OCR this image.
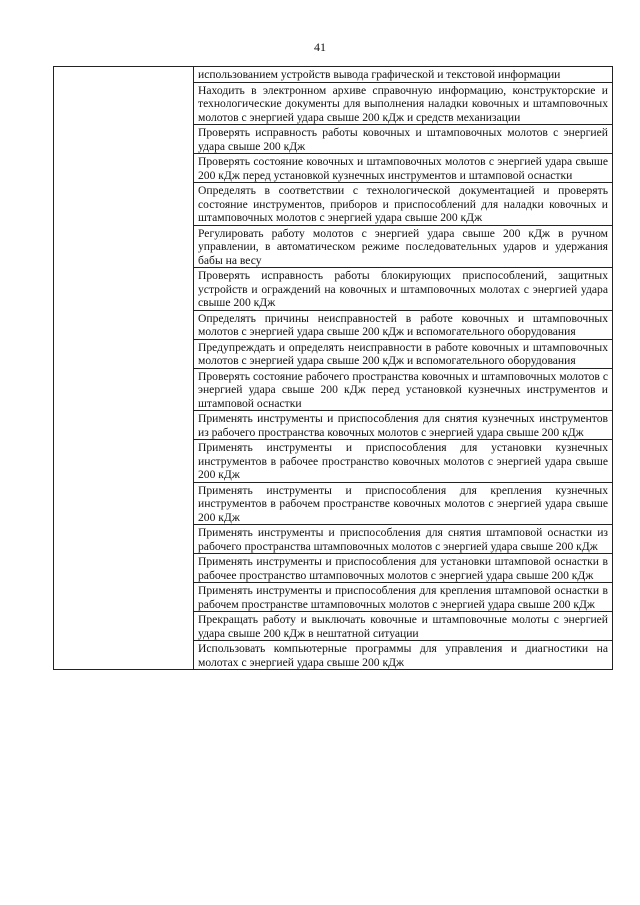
41

использованием устройств вывода графической и текстовой информации

Находить в электронном архиве справочную информацию, конструкторские и технологические документы для выполнения наладки ковочных и штамповочных молотов с энергией удара свыше 200 кДж и средств механизации

Проверять исправность работы ковочных и штамповочных молотов с энергией удара свыше 200 кДж

Проверять состояние ковочных и штамповочных молотов с энергией удара свыше 200 кДж перед установкой кузнечных инструментов и штамповой оснастки

Определять в соответствии с технологической документацией и проверять состояние инструментов, приборов и приспособлений для наладки ковочных и штамповочных молотов с энергией удара свыше 200 кДж

Регулировать работу молотов с энергией удара свыше 200 кДж в ручном управлении, в автоматическом режиме последовательных ударов и удержания бабы на весу

Проверять исправность работы блокирующих приспособлений, защитных устройств и ограждений на ковочных и штамповочных молотах с энергией удара свыше 200 кДж

Определять причины неисправностей в работе ковочных и штамповочных молотов с энергией удара свыше 200 кДж и вспомогательного оборудования

Предупреждать и определять неисправности в работе ковочных и штамповочных молотов с энергией удара свыше 200 кДж и вспомогательного оборудования

Проверять состояние рабочего пространства ковочных и штамповочных молотов с энергией удара свыше 200 кДж перед установкой кузнечных инструментов и штамповой оснастки

Применять инструменты и приспособления для снятия кузнечных инструментов из рабочего пространства ковочных молотов с энергией удара свыше 200 кДж

Применять инструменты и приспособления для установки кузнечных инструментов в рабочее пространство ковочных молотов с энергией удара свыше 200 кДж

Применять инструменты и приспособления для крепления кузнечных инструментов в рабочем пространстве ковочных молотов с энергией удара свыше 200 кДж

Применять инструменты и приспособления для снятия штамповой оснастки из рабочего пространства штамповочных молотов с энергией удара свыше 200 кДж

Применять инструменты и приспособления для установки штамповой оснастки в рабочее пространство штамповочных молотов с энергией удара свыше 200 кДж

Применять инструменты и приспособления для крепления штамповой оснастки в рабочем пространстве штамповочных молотов с энергией удара свыше 200 кДж

Прекращать работу и выключать ковочные и штамповочные молоты с энергией удара свыше 200 кДж в нештатной ситуации

Использовать компьютерные программы для управления и диагностики на молотах с энергией удара свыше 200 кДж
